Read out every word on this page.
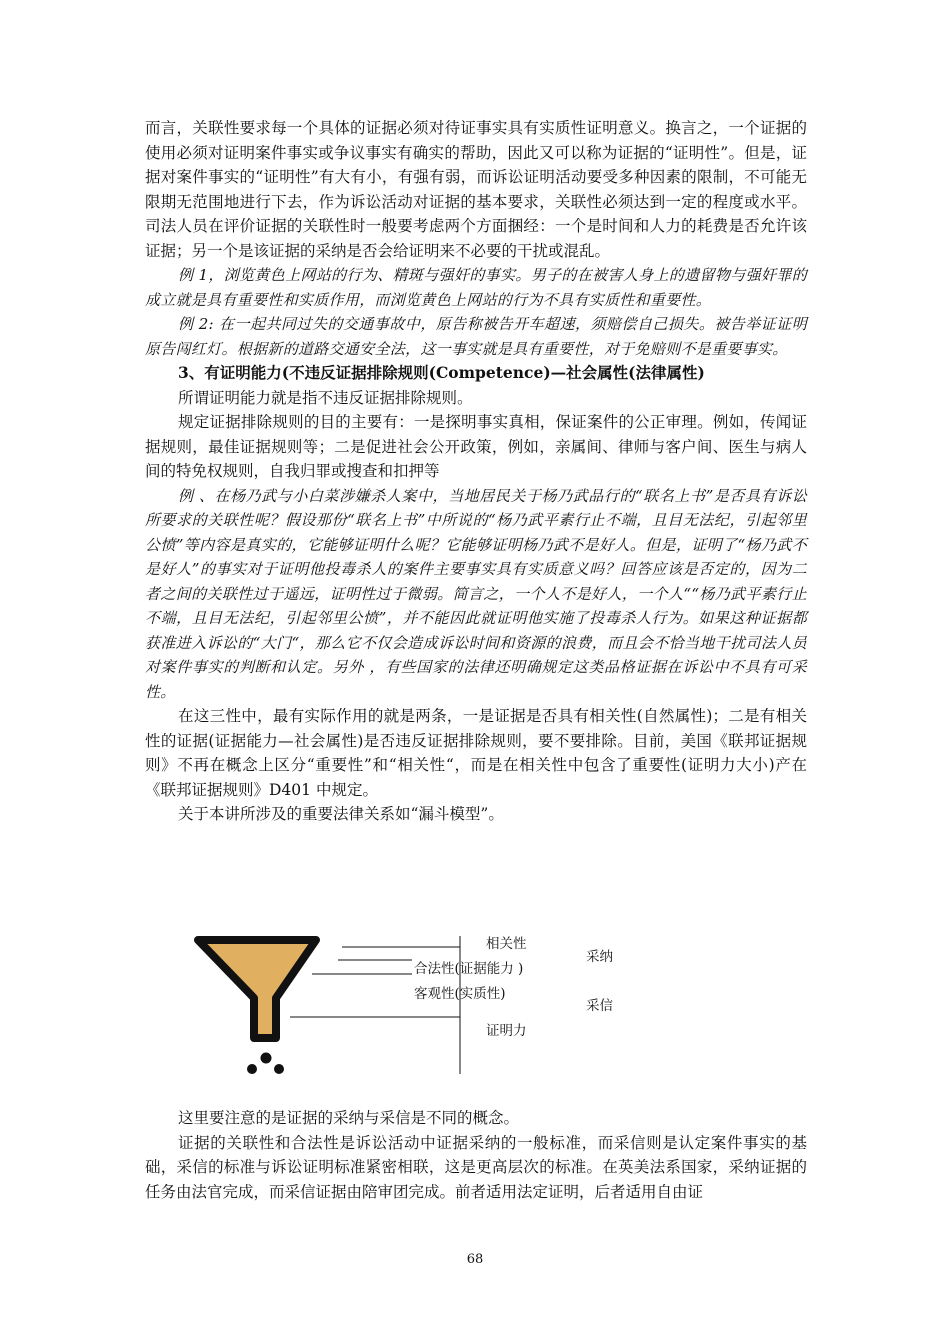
而言，关联性要求每一个具体的证据必须对待证事实具有实质性证明意义。换言之，一个证据的使用必须对证明案件事实或争议事实有确实的帮助，因此又可以称为证据的“证明性”。但是，证据对案件事实的“证明性”有大有小，有强有弱，而诉讼证明活动要受多种因素的限制，不可能无限期无范围地进行下去，作为诉讼活动对证据的基本要求，关联性必须达到一定的程度或水平。司法人员在评价证据的关联性时一般要考虑两个方面捆经：一个是时间和人力的耗费是否允许该证据；另一个是该证据的采纳是否会给证明来不必要的干扰或混乱。

例 1，浏览黄色上网站的行为、精斑与强奸的事实。男子的在被害人身上的遗留物与强奸罪的成立就是具有重要性和实质作用，而浏览黄色上网站的行为不具有实质性和重要性。

例 2: 在一起共同过失的交通事故中，原告称被告开车超速，须赔偿自己损失。被告举证证明原告闯红灯。根据新的道路交通安全法，这一事实就是具有重要性，对于免赔则不是重要事实。

3、有证明能力(不违反证据排除规则(Competence)—社会属性(法律属性)

所谓证明能力就是指不违反证据排除规则。

规定证据排除规则的目的主要有：一是探明事实真相，保证案件的公正审理。例如，传闻证据规则，最佳证据规则等；二是促进社会公开政策，例如，亲属间、律师与客户间、医生与病人间的特免权规则，自我归罪或搜查和扣押等

例 、在杨乃武与小白菜涉嫌杀人案中，当地居民关于杨乃武品行的“联名上书”是否具有诉讼所要求的关联性呢？假设那份“联名上书”中所说的“杨乃武平素行止不端，且目无法纪，引起邻里公愤”等内容是真实的，它能够证明什么呢？它能够证明杨乃武不是好人。但是，证明了“杨乃武不是好人”的事实对于证明他投毒杀人的案件主要事实具有实质意义吗？回答应该是否定的，因为二者之间的关联性过于遥远，证明性过于微弱。简言之，一个人不是好人，一个人““杨乃武平素行止不端，且目无法纪，引起邻里公愤”，并不能因此就证明他实施了投毒杀人行为。如果这种证据都 获准进入诉讼的“大门“，那么它不仅会造成诉讼时间和资源的浪费，而且会不恰当地干扰司法人员对案件事实的判断和认定。另外 ，有些国家的法律还明确规定这类品格证据在诉讼中不具有可采性。

在这三性中，最有实际作用的就是两条，一是证据是否具有相关性(自然属性)；二是有相关性的证据(证据能力—社会属性)是否违反证据排除规则，要不要排除。目前，美国《联邦证据规则》不再在概念上区分“重要性”和“相关性“，而是在相关性中包含了重要性(证明力大小)产在《联邦证据规则》D401 中规定。

关于本讲所涉及的重要法律关系如“漏斗模型”。

相关性
合法性(证据能力 )
客观性(实质性)
证明力
采纳
采信

这里要注意的是证据的采纳与采信是不同的概念。

证据的关联性和合法性是诉讼活动中证据采纳的一般标准，而采信则是认定案件事实的基础，采信的标准与诉讼证明标准紧密相联，这是更高层次的标准。在英美法系国家，采纳证据的任务由法官完成，而采信证据由陪审团完成。前者适用法定证明，后者适用自由证

68
